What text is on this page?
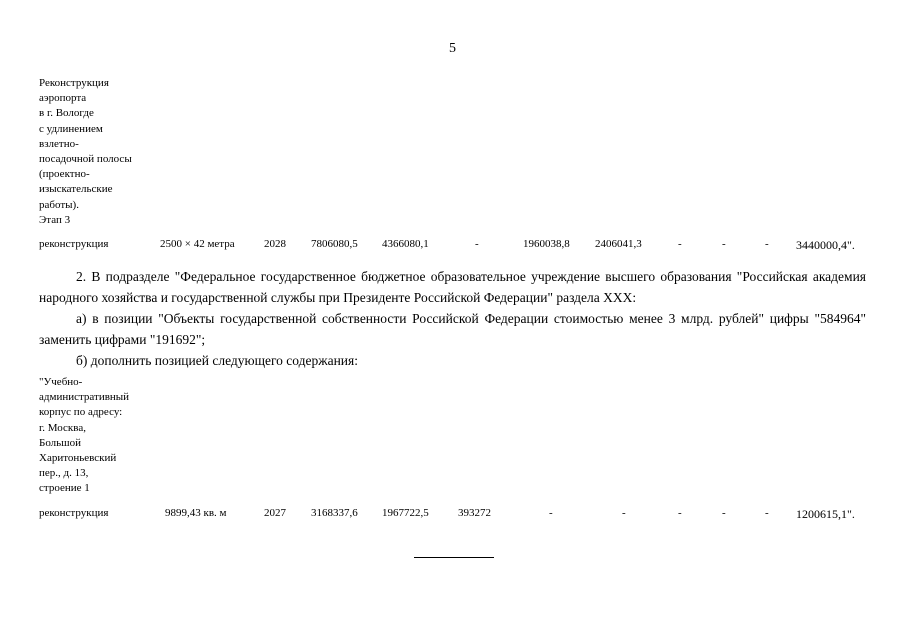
5
Реконструкция
аэропорта
в г. Вологде
с удлинением
взлетно-
посадочной полосы
(проектно-
изыскательские
работы).
Этап 3
реконструкция	2500 × 42 метра	2028 7806080,5 4366080,1	-	1960038,8 2406041,3	-	-	- 3440000,4".
2. В подразделе "Федеральное государственное бюджетное образовательное учреждение высшего образования "Российская академия народного хозяйства и государственной службы при Президенте Российской Федерации" раздела ХХХ:
а) в позиции "Объекты государственной собственности Российской Федерации стоимостью менее 3 млрд. рублей" цифры "584964" заменить цифрами "191692";
б) дополнить позицией следующего содержания:
"Учебно-
административный
корпус по адресу:
г. Москва,
Большой
Харитоньевский
пер., д. 13,
строение 1
реконструкция	9899,43 кв. м	2027 3168337,6 1967722,5	393272	-	-	-	-	- 1200615,1".
